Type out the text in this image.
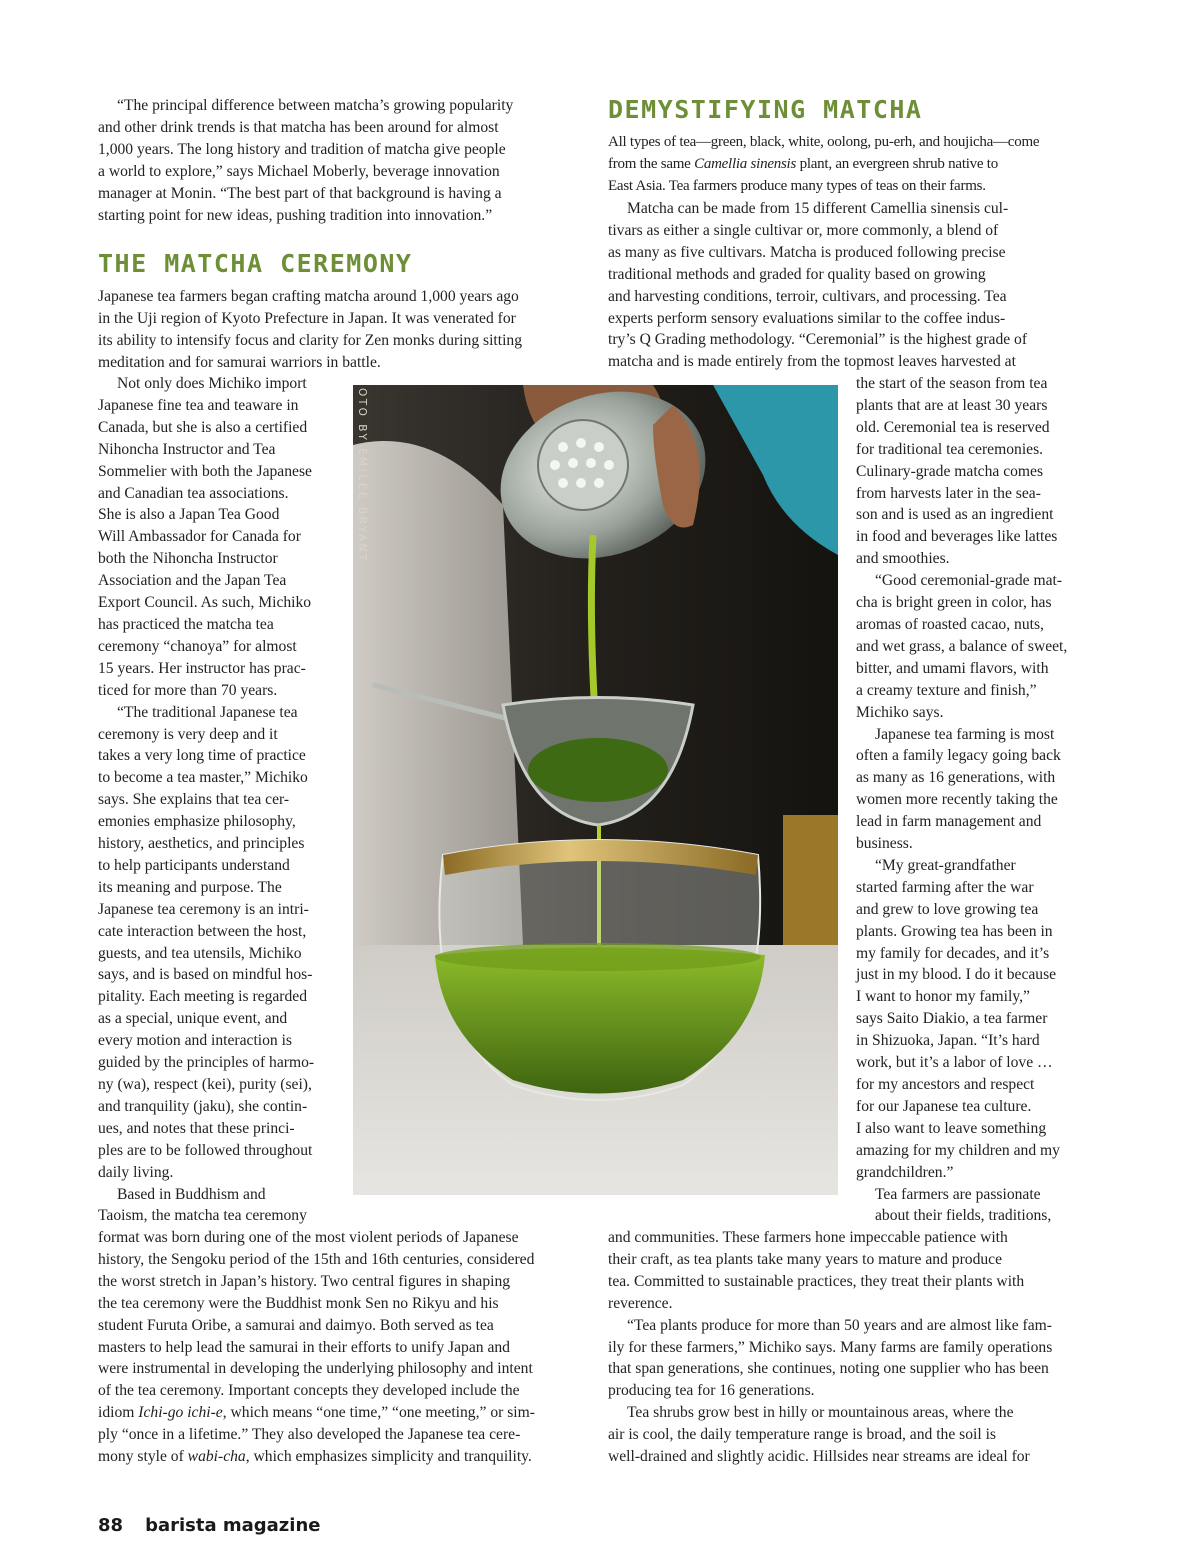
“The principal difference between matcha’s growing popularity
and other drink trends is that matcha has been around for almost
1,000 years. The long history and tradition of matcha give people
a world to explore,” says Michael Moberly, beverage innovation
manager at Monin. “The best part of that background is having a
starting point for new ideas, pushing tradition into innovation.”

THE MATCHA CEREMONY
Japanese tea farmers began crafting matcha around 1,000 years ago
in the Uji region of Kyoto Prefecture in Japan. It was venerated for
its ability to intensify focus and clarity for Zen monks during sitting
meditation and for samurai warriors in battle.
Not only does Michiko import
Japanese fine tea and teaware in
Canada, but she is also a certified
Nihoncha Instructor and Tea
Sommelier with both the Japanese
and Canadian tea associations.
She is also a Japan Tea Good
Will Ambassador for Canada for
both the Nihoncha Instructor
Association and the Japan Tea
Export Council. As such, Michiko
has practiced the matcha tea
ceremony “chanoya” for almost
15 years. Her instructor has prac-
ticed for more than 70 years.
“The traditional Japanese tea
ceremony is very deep and it
takes a very long time of practice
to become a tea master,” Michiko
says. She explains that tea cer-
emonies emphasize philosophy,
history, aesthetics, and principles
to help participants understand
its meaning and purpose. The
Japanese tea ceremony is an intri-
cate interaction between the host,
guests, and tea utensils, Michiko
says, and is based on mindful hos-
pitality. Each meeting is regarded
as a special, unique event, and
every motion and interaction is
guided by the principles of harmo-
ny (wa), respect (kei), purity (sei),
and tranquility (jaku), she contin-
ues, and notes that these princi-
ples are to be followed throughout
daily living.
Based in Buddhism and
Taoism, the matcha tea ceremony
format was born during one of the most violent periods of Japanese
history, the Sengoku period of the 15th and 16th centuries, considered
the worst stretch in Japan’s history. Two central figures in shaping
the tea ceremony were the Buddhist monk Sen no Rikyu and his
student Furuta Oribe, a samurai and daimyo. Both served as tea
masters to help lead the samurai in their efforts to unify Japan and
were instrumental in developing the underlying philosophy and intent
of the tea ceremony. Important concepts they developed include the
idiom Ichi-go ichi-e, which means “one time,” “one meeting,” or sim-
ply “once in a lifetime.” They also developed the Japanese tea cere-
mony style of wabi-cha, which emphasizes simplicity and tranquility.
DEMYSTIFYING MATCHA
All types of tea—green, black, white, oolong, pu-erh, and houjicha—come
from the same Camellia sinensis plant, an evergreen shrub native to
East Asia. Tea farmers produce many types of teas on their farms.
Matcha can be made from 15 different Camellia sinensis cul-
tivars as either a single cultivar or, more commonly, a blend of
as many as five cultivars. Matcha is produced following precise
traditional methods and graded for quality based on growing
and harvesting conditions, terroir, cultivars, and processing. Tea
experts perform sensory evaluations similar to the coffee indus-
try’s Q Grading methodology. “Ceremonial” is the highest grade of
matcha and is made entirely from the topmost leaves harvested at
the start of the season from tea
plants that are at least 30 years
old. Ceremonial tea is reserved
for traditional tea ceremonies.
Culinary-grade matcha comes
from harvests later in the sea-
son and is used as an ingredient
in food and beverages like lattes
and smoothies.
“Good ceremonial-grade mat-
cha is bright green in color, has
aromas of roasted cacao, nuts,
and wet grass, a balance of sweet,
bitter, and umami flavors, with
a creamy texture and finish,”
Michiko says.
Japanese tea farming is most
often a family legacy going back
as many as 16 generations, with
women more recently taking the
lead in farm management and
business.
“My great-grandfather
started farming after the war
and grew to love growing tea
plants. Growing tea has been in
my family for decades, and it’s
just in my blood. I do it because
I want to honor my family,”
says Saito Diakio, a tea farmer
in Shizuoka, Japan. “It’s hard
work, but it’s a labor of love …
for my ancestors and respect
for our Japanese tea culture.
I also want to leave something
amazing for my children and my
grandchildren.”
Tea farmers are passionate
about their fields, traditions,
and communities. These farmers hone impeccable patience with
their craft, as tea plants take many years to mature and produce
tea. Committed to sustainable practices, they treat their plants with
reverence.
“Tea plants produce for more than 50 years and are almost like fam-
ily for these farmers,” Michiko says. Many farms are family operations
that span generations, she continues, noting one supplier who has been
producing tea for 16 generations.
Tea shrubs grow best in hilly or mountainous areas, where the
air is cool, the daily temperature range is broad, and the soil is
well-drained and slightly acidic. Hillsides near streams are ideal for
OTO BY EMILEE BRYANT
88 barista magazine
